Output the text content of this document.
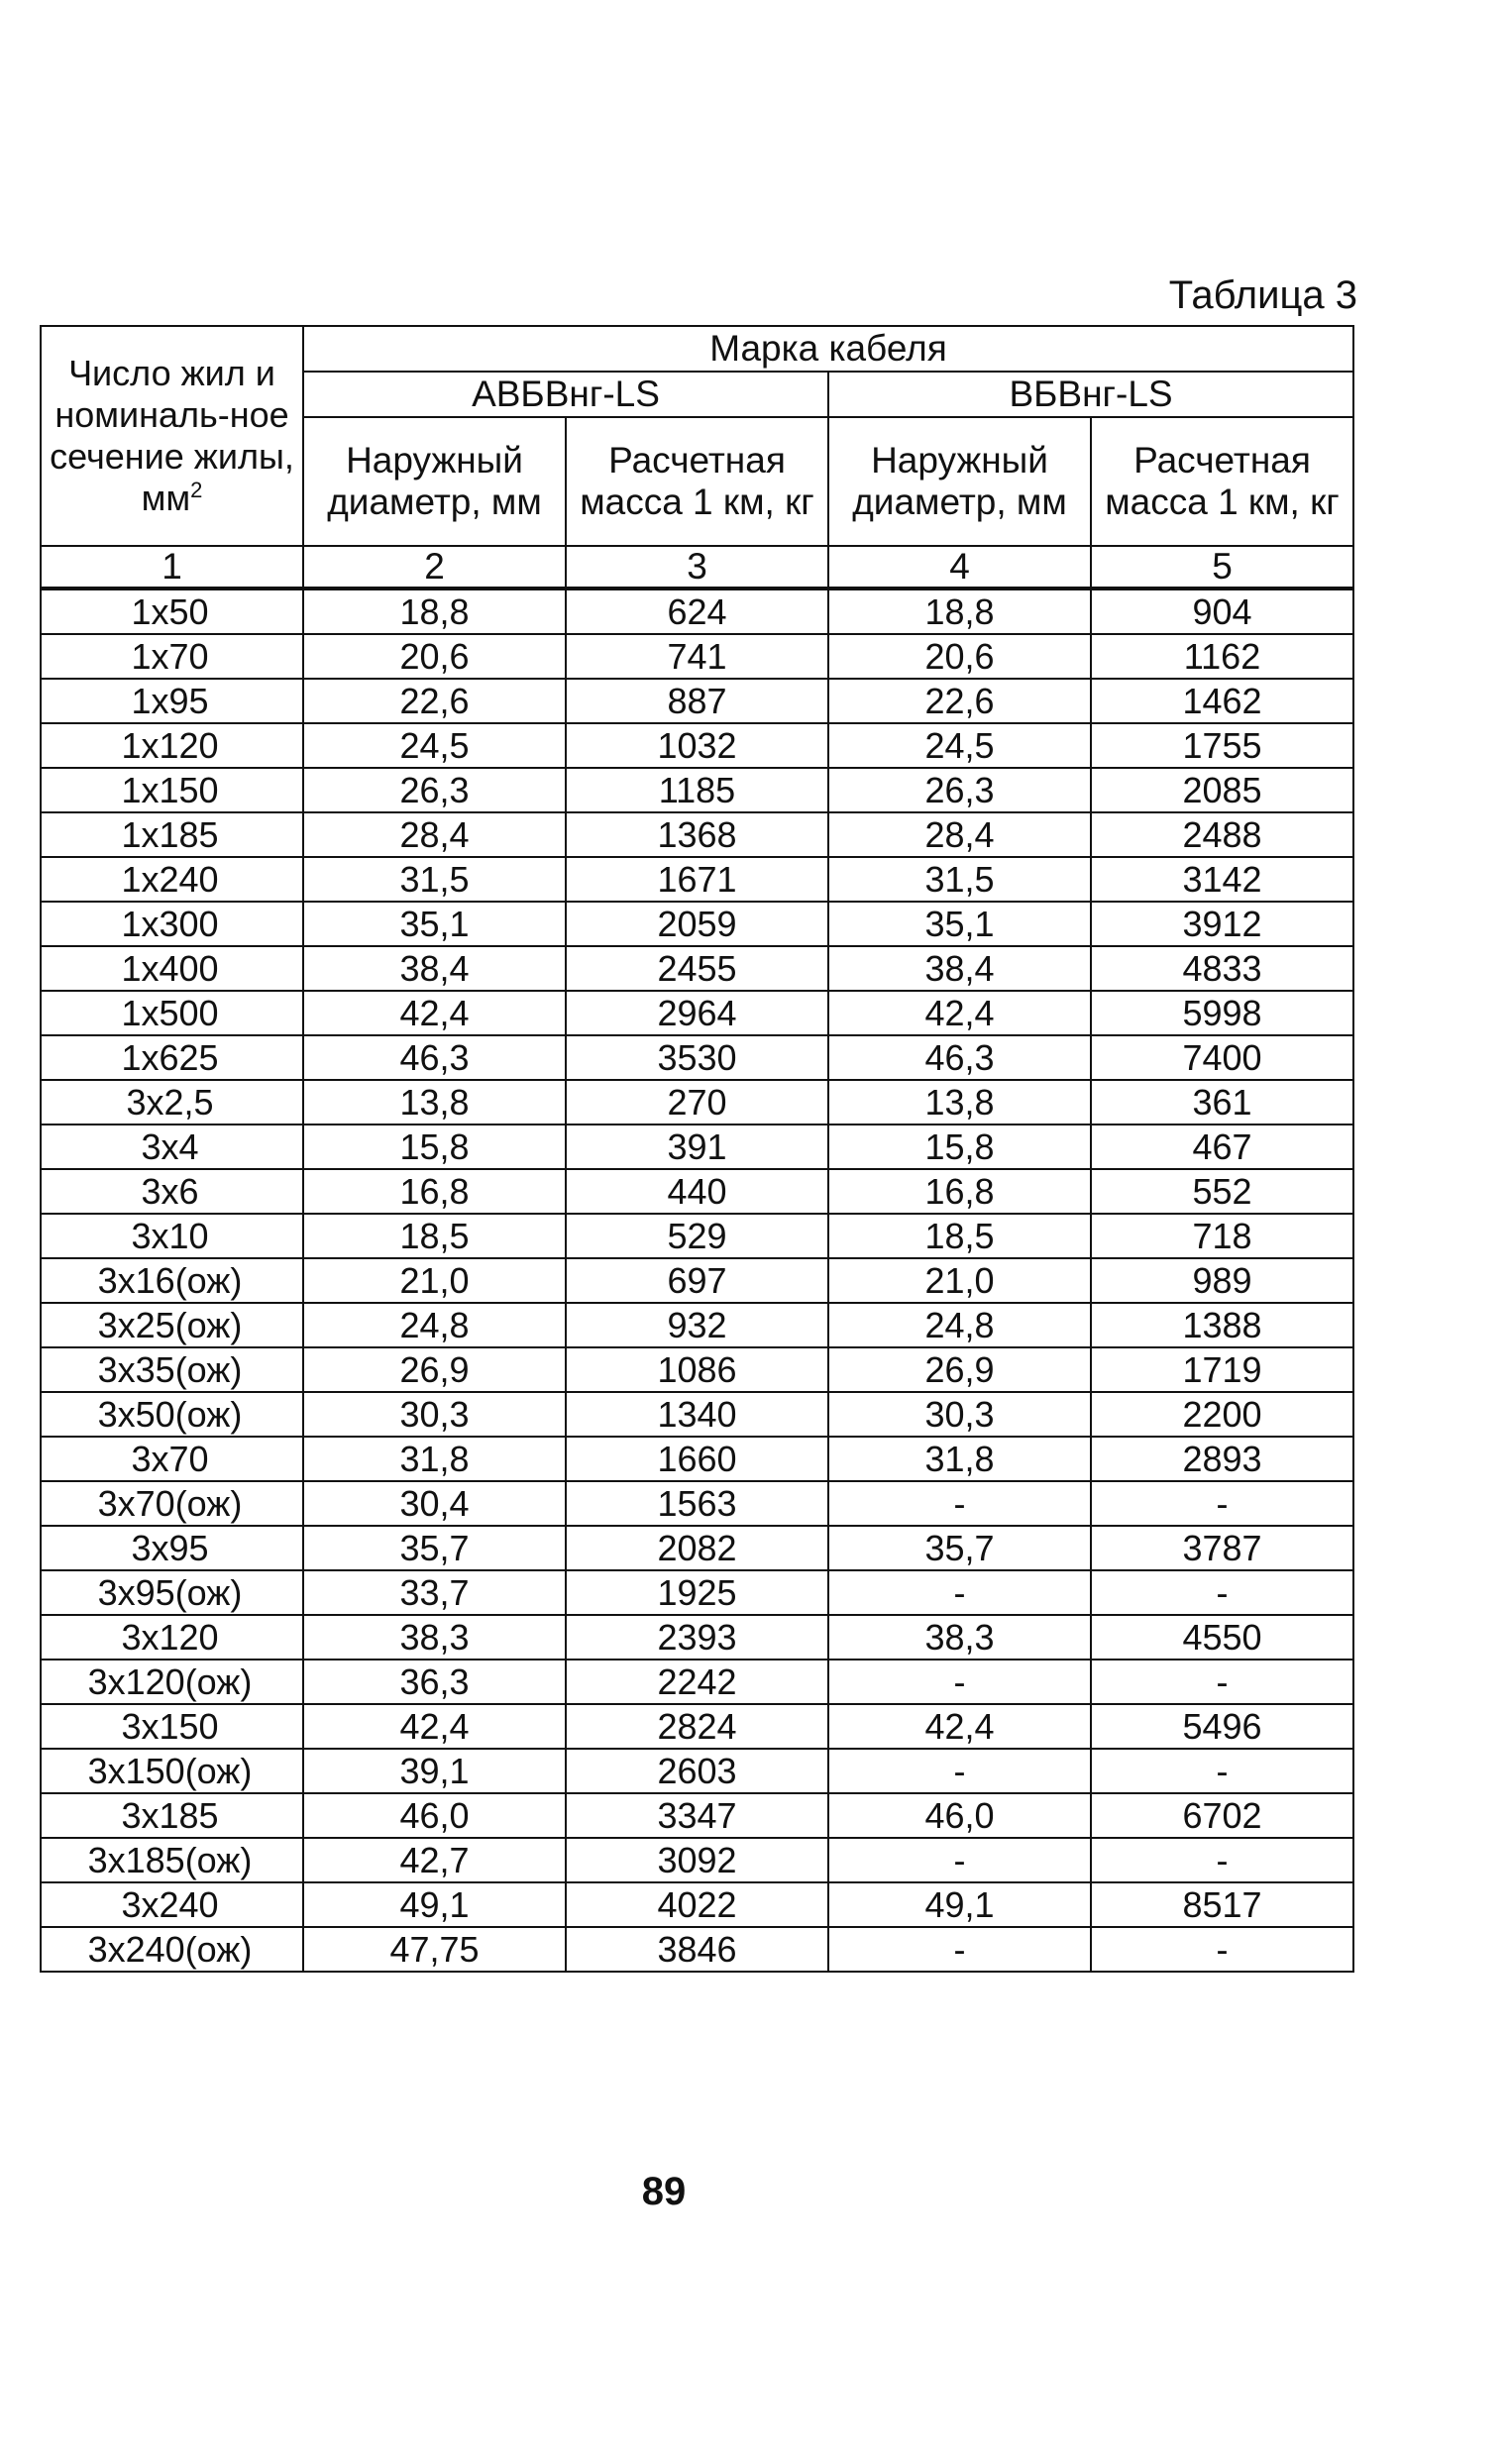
Таблица 3
Число жил и номиналь-ное сечение жилы, $мм^2$	Марка кабеля			
	АВБВнг-LS		ВБВнг-LS	
	Наружный диаметр, мм	Расчетная масса 1 км, кг	Наружный диаметр, мм	Расчетная масса 1 км, кг
1	2	3	4	5
1x50	18,8	624	18,8	904
1x70	20,6	741	20,6	1162
1x95	22,6	887	22,6	1462
1x120	24,5	1032	24,5	1755
1x150	26,3	1185	26,3	2085
1x185	28,4	1368	28,4	2488
1x240	31,5	1671	31,5	3142
1x300	35,1	2059	35,1	3912
1x400	38,4	2455	38,4	4833
1x500	42,4	2964	42,4	5998
1x625	46,3	3530	46,3	7400
3x2,5	13,8	270	13,8	361
3x4	15,8	391	15,8	467
3x6	16,8	440	16,8	552
3x10	18,5	529	18,5	718
3x16(ож)	21,0	697	21,0	989
3x25(ож)	24,8	932	24,8	1388
3x35(ож)	26,9	1086	26,9	1719
3x50(ож)	30,3	1340	30,3	2200
3x70	31,8	1660	31,8	2893
3x70(ож)	30,4	1563	-	-
3x95	35,7	2082	35,7	3787
3x95(ож)	33,7	1925	-	-
3x120	38,3	2393	38,3	4550
3x120(ож)	36,3	2242	-	-
3x150	42,4	2824	42,4	5496
3x150(ож)	39,1	2603	-	-
3x185	46,0	3347	46,0	6702
3x185(ож)	42,7	3092	-	-
3x240	49,1	4022	49,1	8517
3x240(ож)	47,75	3846	-	-
89
